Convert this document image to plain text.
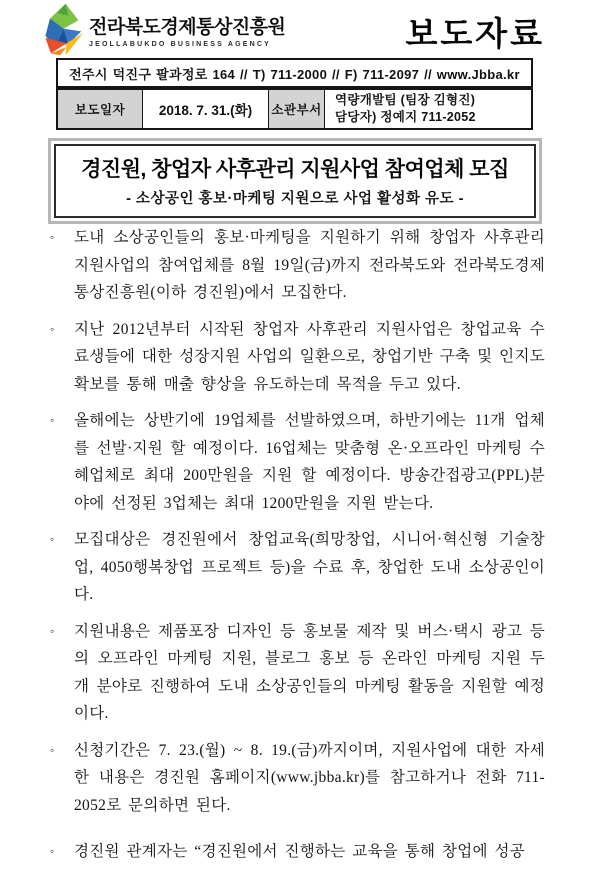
전라북도경제통상진흥원
JEOLLABUKDO BUSINESS AGENCY	보도자료
전주시 덕진구 팔과정로 164 // T) 711-2000 // F) 711-2097 // www.Jbba.kr
보도일자	2018. 7. 31.(화)	소관부서
역량개발팀 (팀장 김형진)
담당자) 정예지 711-2052
경진원, 창업자 사후관리 지원사업 참여업체 모집
- 소상공인 홍보·마케팅 지원으로 사업 활성화 유도 -
◦	도내 소상공인들의 홍보·마케팅을 지원하기 위해 창업자 사후관리 지원사업의 참여업체를 8월 19일(금)까지 전라북도와 전라북도경제통상진흥원(이하 경진원)에서 모집한다.
◦	지난 2012년부터 시작된 창업자 사후관리 지원사업은 창업교육 수료생들에 대한 성장지원 사업의 일환으로, 창업기반 구축 및 인지도 확보를 통해 매출 향상을 유도하는데 목적을 두고 있다.
◦	올해에는 상반기에 19업체를 선발하였으며, 하반기에는 11개 업체를 선발·지원 할 예정이다. 16업체는 맞춤형 온·오프라인 마케팅 수혜업체로 최대 200만원을 지원 할 예정이다. 방송간접광고(PPL)분야에 선정된 3업체는 최대 1200만원을 지원 받는다.
◦	모집대상은 경진원에서 창업교육(희망창업, 시니어·혁신형 기술창업, 4050행복창업 프로젝트 등)을 수료 후, 창업한 도내 소상공인이다.
◦	지원내용은 제품포장 디자인 등 홍보물 제작 및 버스·택시 광고 등의 오프라인 마케팅 지원, 블로그 홍보 등 온라인 마케팅 지원 두 개 분야로 진행하여 도내 소상공인들의 마케팅 활동을 지원할 예정이다.
◦	신청기간은 7. 23.(월) ~ 8. 19.(금)까지이며, 지원사업에 대한 자세한 내용은 경진원 홈페이지(www.jbba.kr)를 참고하거나 전화 711-2052로 문의하면 된다.
◦	경진원 관계자는 “경진원에서 진행하는 교육을 통해 창업에 성공
